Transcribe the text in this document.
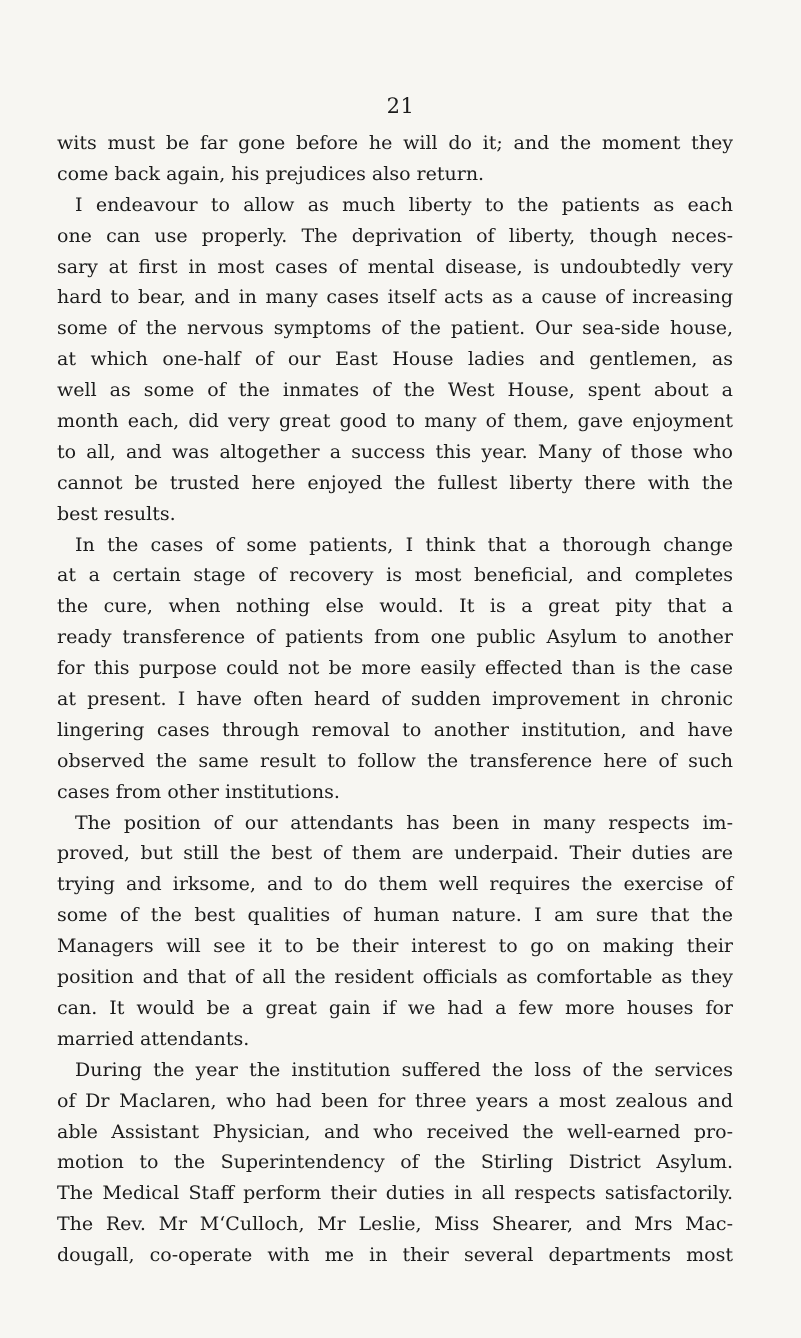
21
wits must be far gone before he will do it; and the moment they
come back again, his prejudices also return.
I endeavour to allow as much liberty to the patients as each
one can use properly. The deprivation of liberty, though neces-
sary at first in most cases of mental disease, is undoubtedly very
hard to bear, and in many cases itself acts as a cause of increasing
some of the nervous symptoms of the patient. Our sea-side house,
at which one-half of our East House ladies and gentlemen, as
well as some of the inmates of the West House, spent about a
month each, did very great good to many of them, gave enjoyment
to all, and was altogether a success this year. Many of those who
cannot be trusted here enjoyed the fullest liberty there with the
best results.
In the cases of some patients, I think that a thorough change
at a certain stage of recovery is most beneficial, and completes
the cure, when nothing else would. It is a great pity that a
ready transference of patients from one public Asylum to another
for this purpose could not be more easily effected than is the case
at present. I have often heard of sudden improvement in chronic
lingering cases through removal to another institution, and have
observed the same result to follow the transference here of such
cases from other institutions.
The position of our attendants has been in many respects im-
proved, but still the best of them are underpaid. Their duties are
trying and irksome, and to do them well requires the exercise of
some of the best qualities of human nature. I am sure that the
Managers will see it to be their interest to go on making their
position and that of all the resident officials as comfortable as they
can. It would be a great gain if we had a few more houses for
married attendants.
During the year the institution suffered the loss of the services
of Dr Maclaren, who had been for three years a most zealous and
able Assistant Physician, and who received the well-earned pro-
motion to the Superintendency of the Stirling District Asylum.
The Medical Staff perform their duties in all respects satisfactorily.
The Rev. Mr M‘Culloch, Mr Leslie, Miss Shearer, and Mrs Mac-
dougall, co-operate with me in their several departments most
